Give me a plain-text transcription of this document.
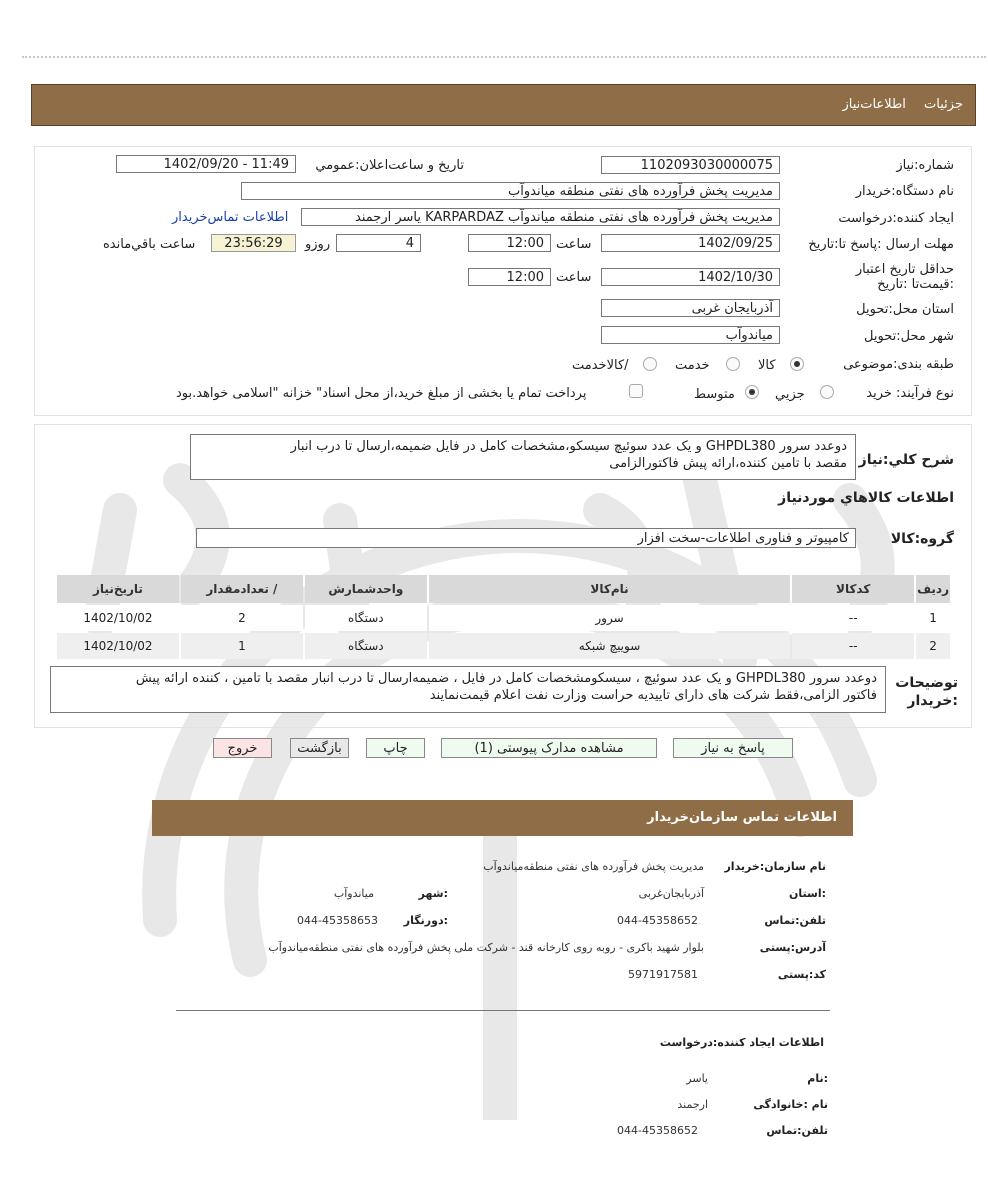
جزئيات اطلاعات‌نياز
شماره:نياز
1102093030000075
تاريخ و ساعت‌اعلان:عمومي
1402/09/20 - 11:49
نام دستگاه:خريدار
مديريت پخش فرآورده هاى نفتى منطقه مياندوآب
ايجاد کننده:درخواست
مديريت پخش فرآورده هاى نفتى منطقه مياندوآب KARPARDAZ ياسر ارجمند
اطلاعات تماس‌خريدار
مهلت ارسال :پاسخ تا:تاريخ
1402/09/25
ساعت
12:00
4
روزو
23:56:29
ساعت باقي‌مانده
حداقل تاريخ اعتبار :قيمت‌تا :تاريخ
1402/10/30
ساعت
12:00
استان محل:تحويل
آذربايجان غربى
شهر محل:تحويل
مياندوآب
طبقه بندى:موضوعى
کالا
خدمت
/کالاخدمت
نوع فرآيند: خريد
جزيي
متوسط
پرداخت تمام يا بخشى از مبلغ خريد،از محل اسناد" خزانه "اسلامى خواهد.بود
شرح کلي:نياز
دوعدد سرور GHPDL380 و یک عدد سوئیچ سیسکو،مشخصات کامل در فایل ضمیمه،ارسال تا درب انبار
مقصد با تامین کننده،ارائه پیش فاکتورالزامی
اطلاعات کالاهاي مورد‌نياز
گروه:کالا
کامپيوتر و فناوری اطلاعات-سخت افزار
رديف	کدکالا	نام‌کالا	واحدشمارش	/ تعدادمقدار	تاريخ‌نياز
1	--	سرور	دستگاه	2	1402/10/02
2	--	سوييچ شبکه	دستگاه	1	1402/10/02
توضيحات
:خريدار
دوعدد سرور GHPDL380 و یک عدد سوئیچ ، سیسکومشخصات کامل در فایل ، ضمیمه‌ارسال تا درب انبار مقصد با تامین ، کننده ارائه پیش
فاکتور الزامی،فقط شرکت های دارای تاییدیه حراست وزارت نفت اعلام قیمت‌نمایند
پاسخ به نياز
مشاهده مدارک پيوستى (1)
چاپ
بازگشت
خروج
اطلاعات تماس سازمان‌خريدار
نام سازمان:خريدار
مديريت پخش فرآورده هاى نفتى منطقه‌مياندوآب
:استان
آذربايجان‌غربى
:شهر
مياندوآب
تلفن:تماس
044-45358652
:دورنگار
044-45358653
آدرس:پستى
بلوار شهيد باکرى - روبه روى کارخانه قند - شرکت ملى پخش فرآورده هاى نفتى منطقه‌مياندوآب
کد:پستى
5971917581
اطلاعات ايجاد کننده:درخواست
:نام
ياسر
نام :خانوادگى
ارجمند
تلفن:تماس
044-45358652
